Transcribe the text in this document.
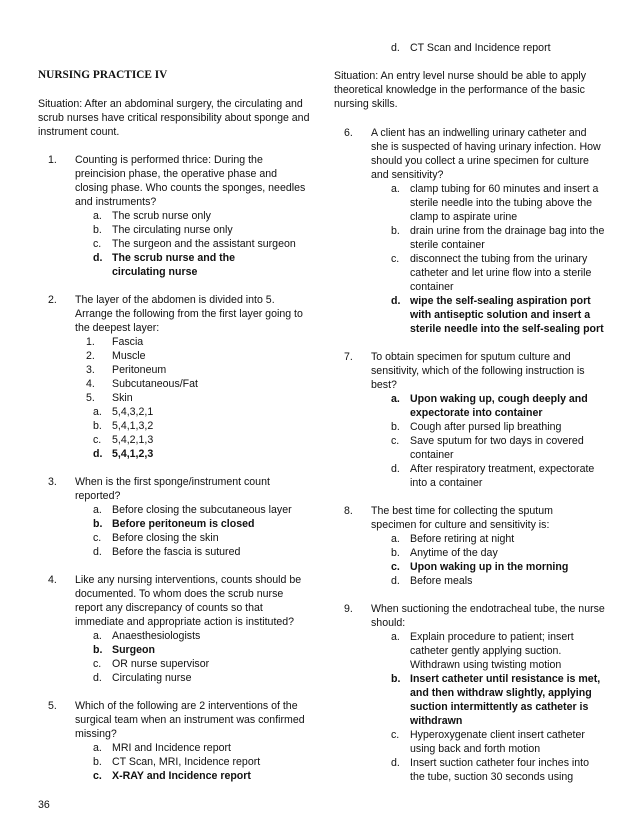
NURSING PRACTICE IV
Situation: After an abdominal surgery, the circulating and scrub nurses have critical responsibility about sponge and instrument count.
1. Counting is performed thrice: During the preincision phase, the operative phase and closing phase. Who counts the sponges, needles and instruments?
a. The scrub nurse only
b. The circulating nurse only
c. The surgeon and the assistant surgeon
d. The scrub nurse and the circulating nurse
2. The layer of the abdomen is divided into 5. Arrange the following from the first layer going to the deepest layer:
1. Fascia
2. Muscle
3. Peritoneum
4. Subcutaneous/Fat
5. Skin
a. 5,4,3,2,1
b. 5,4,1,3,2
c. 5,4,2,1,3
d. 5,4,1,2,3
3. When is the first sponge/instrument count reported?
a. Before closing the subcutaneous layer
b. Before peritoneum is closed
c. Before closing the skin
d. Before the fascia is sutured
4. Like any nursing interventions, counts should be documented. To whom does the scrub nurse report any discrepancy of counts so that immediate and appropriate action is instituted?
a. Anaesthesiologists
b. Surgeon
c. OR nurse supervisor
d. Circulating nurse
5. Which of the following are 2 interventions of the surgical team when an instrument was confirmed missing?
a. MRI and Incidence report
b. CT Scan, MRI, Incidence report
c. X-RAY and Incidence report
36
d. CT Scan and Incidence report
Situation: An entry level nurse should be able to apply theoretical knowledge in the performance of the basic nursing skills.
6. A client has an indwelling urinary catheter and she is suspected of having urinary infection. How should you collect a urine specimen for culture and sensitivity?
a. clamp tubing for 60 minutes and insert a sterile needle into the tubing above the clamp to aspirate urine
b. drain urine from the drainage bag into the sterile container
c. disconnect the tubing from the urinary catheter and let urine flow into a sterile container
d. wipe the self-sealing aspiration port with antiseptic solution and insert a sterile needle into the self-sealing port
7. To obtain specimen for sputum culture and sensitivity, which of the following instruction is best?
a. Upon waking up, cough deeply and expectorate into container
b. Cough after pursed lip breathing
c. Save sputum for two days in covered container
d. After respiratory treatment, expectorate into a container
8. The best time for collecting the sputum specimen for culture and sensitivity is:
a. Before retiring at night
b. Anytime of the day
c. Upon waking up in the morning
d. Before meals
9. When suctioning the endotracheal tube, the nurse should:
a. Explain procedure to patient; insert catheter gently applying suction. Withdrawn using twisting motion
b. Insert catheter until resistance is met, and then withdraw slightly, applying suction intermittently as catheter is withdrawn
c. Hyperoxygenate client insert catheter using back and forth motion
d. Insert suction catheter four inches into the tube, suction 30 seconds using
